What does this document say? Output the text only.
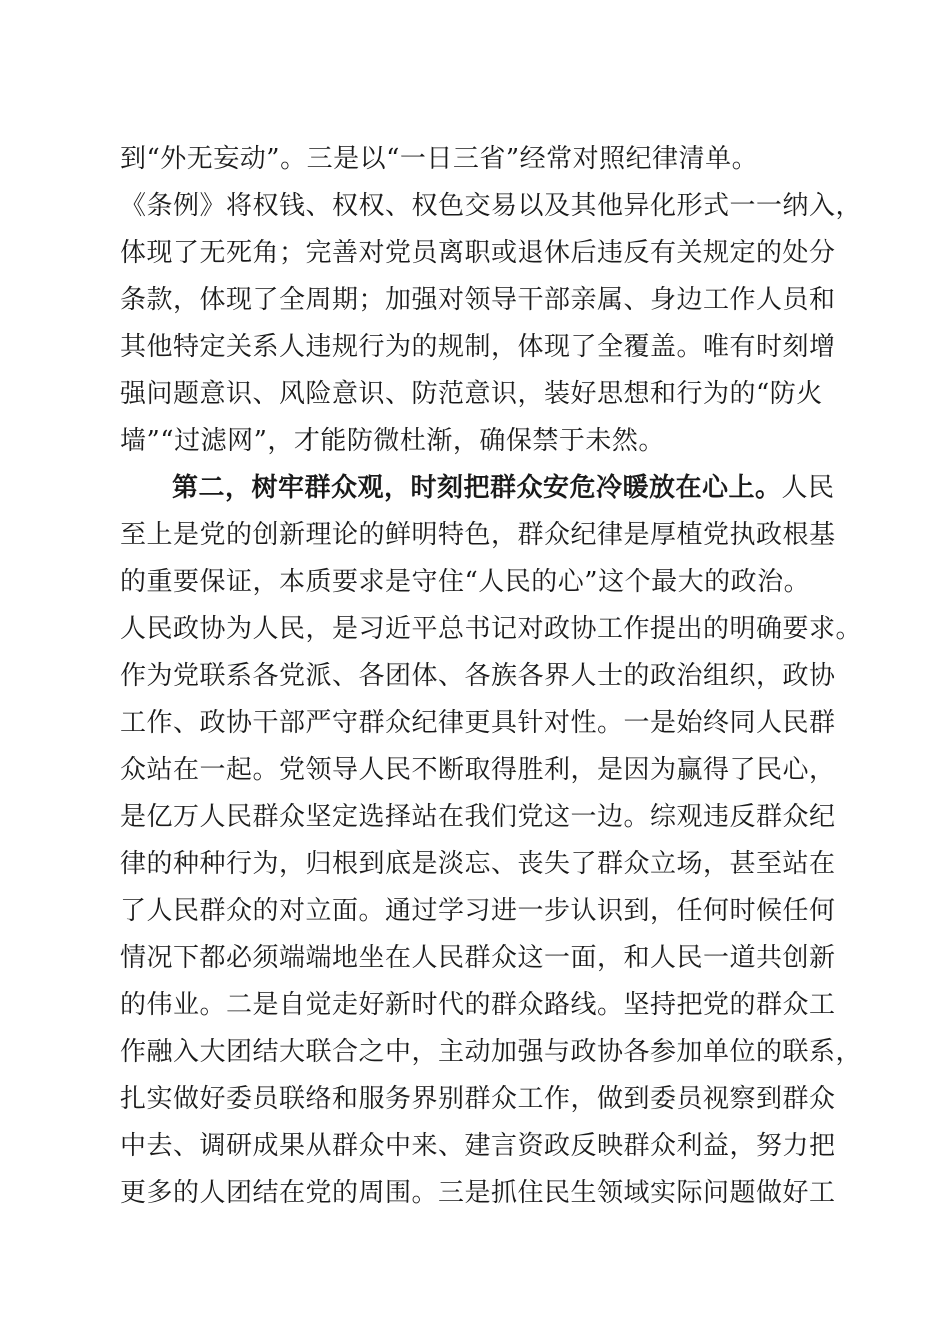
到“外无妄动”。三是以“一日三省”经常对照纪律清单。
《条例》将权钱、权权、权色交易以及其他异化形式一一纳入，
体现了无死角；完善对党员离职或退休后违反有关规定的处分
条款，体现了全周期；加强对领导干部亲属、身边工作人员和
其他特定关系人违规行为的规制，体现了全覆盖。唯有时刻增
强问题意识、风险意识、防范意识，装好思想和行为的“防火
墙”“过滤网”，才能防微杜渐，确保禁于未然。
第二，树牢群众观，时刻把群众安危冷暖放在心上。人民
至上是党的创新理论的鲜明特色，群众纪律是厚植党执政根基
的重要保证，本质要求是守住“人民的心”这个最大的政治。
人民政协为人民，是习近平总书记对政协工作提出的明确要求。
作为党联系各党派、各团体、各族各界人士的政治组织，政协
工作、政协干部严守群众纪律更具针对性。一是始终同人民群
众站在一起。党领导人民不断取得胜利，是因为赢得了民心，
是亿万人民群众坚定选择站在我们党这一边。综观违反群众纪
律的种种行为，归根到底是淡忘、丧失了群众立场，甚至站在
了人民群众的对立面。通过学习进一步认识到，任何时候任何
情况下都必须端端地坐在人民群众这一面，和人民一道共创新
的伟业。二是自觉走好新时代的群众路线。坚持把党的群众工
作融入大团结大联合之中，主动加强与政协各参加单位的联系，
扎实做好委员联络和服务界别群众工作，做到委员视察到群众
中去、调研成果从群众中来、建言资政反映群众利益，努力把
更多的人团结在党的周围。三是抓住民生领域实际问题做好工
